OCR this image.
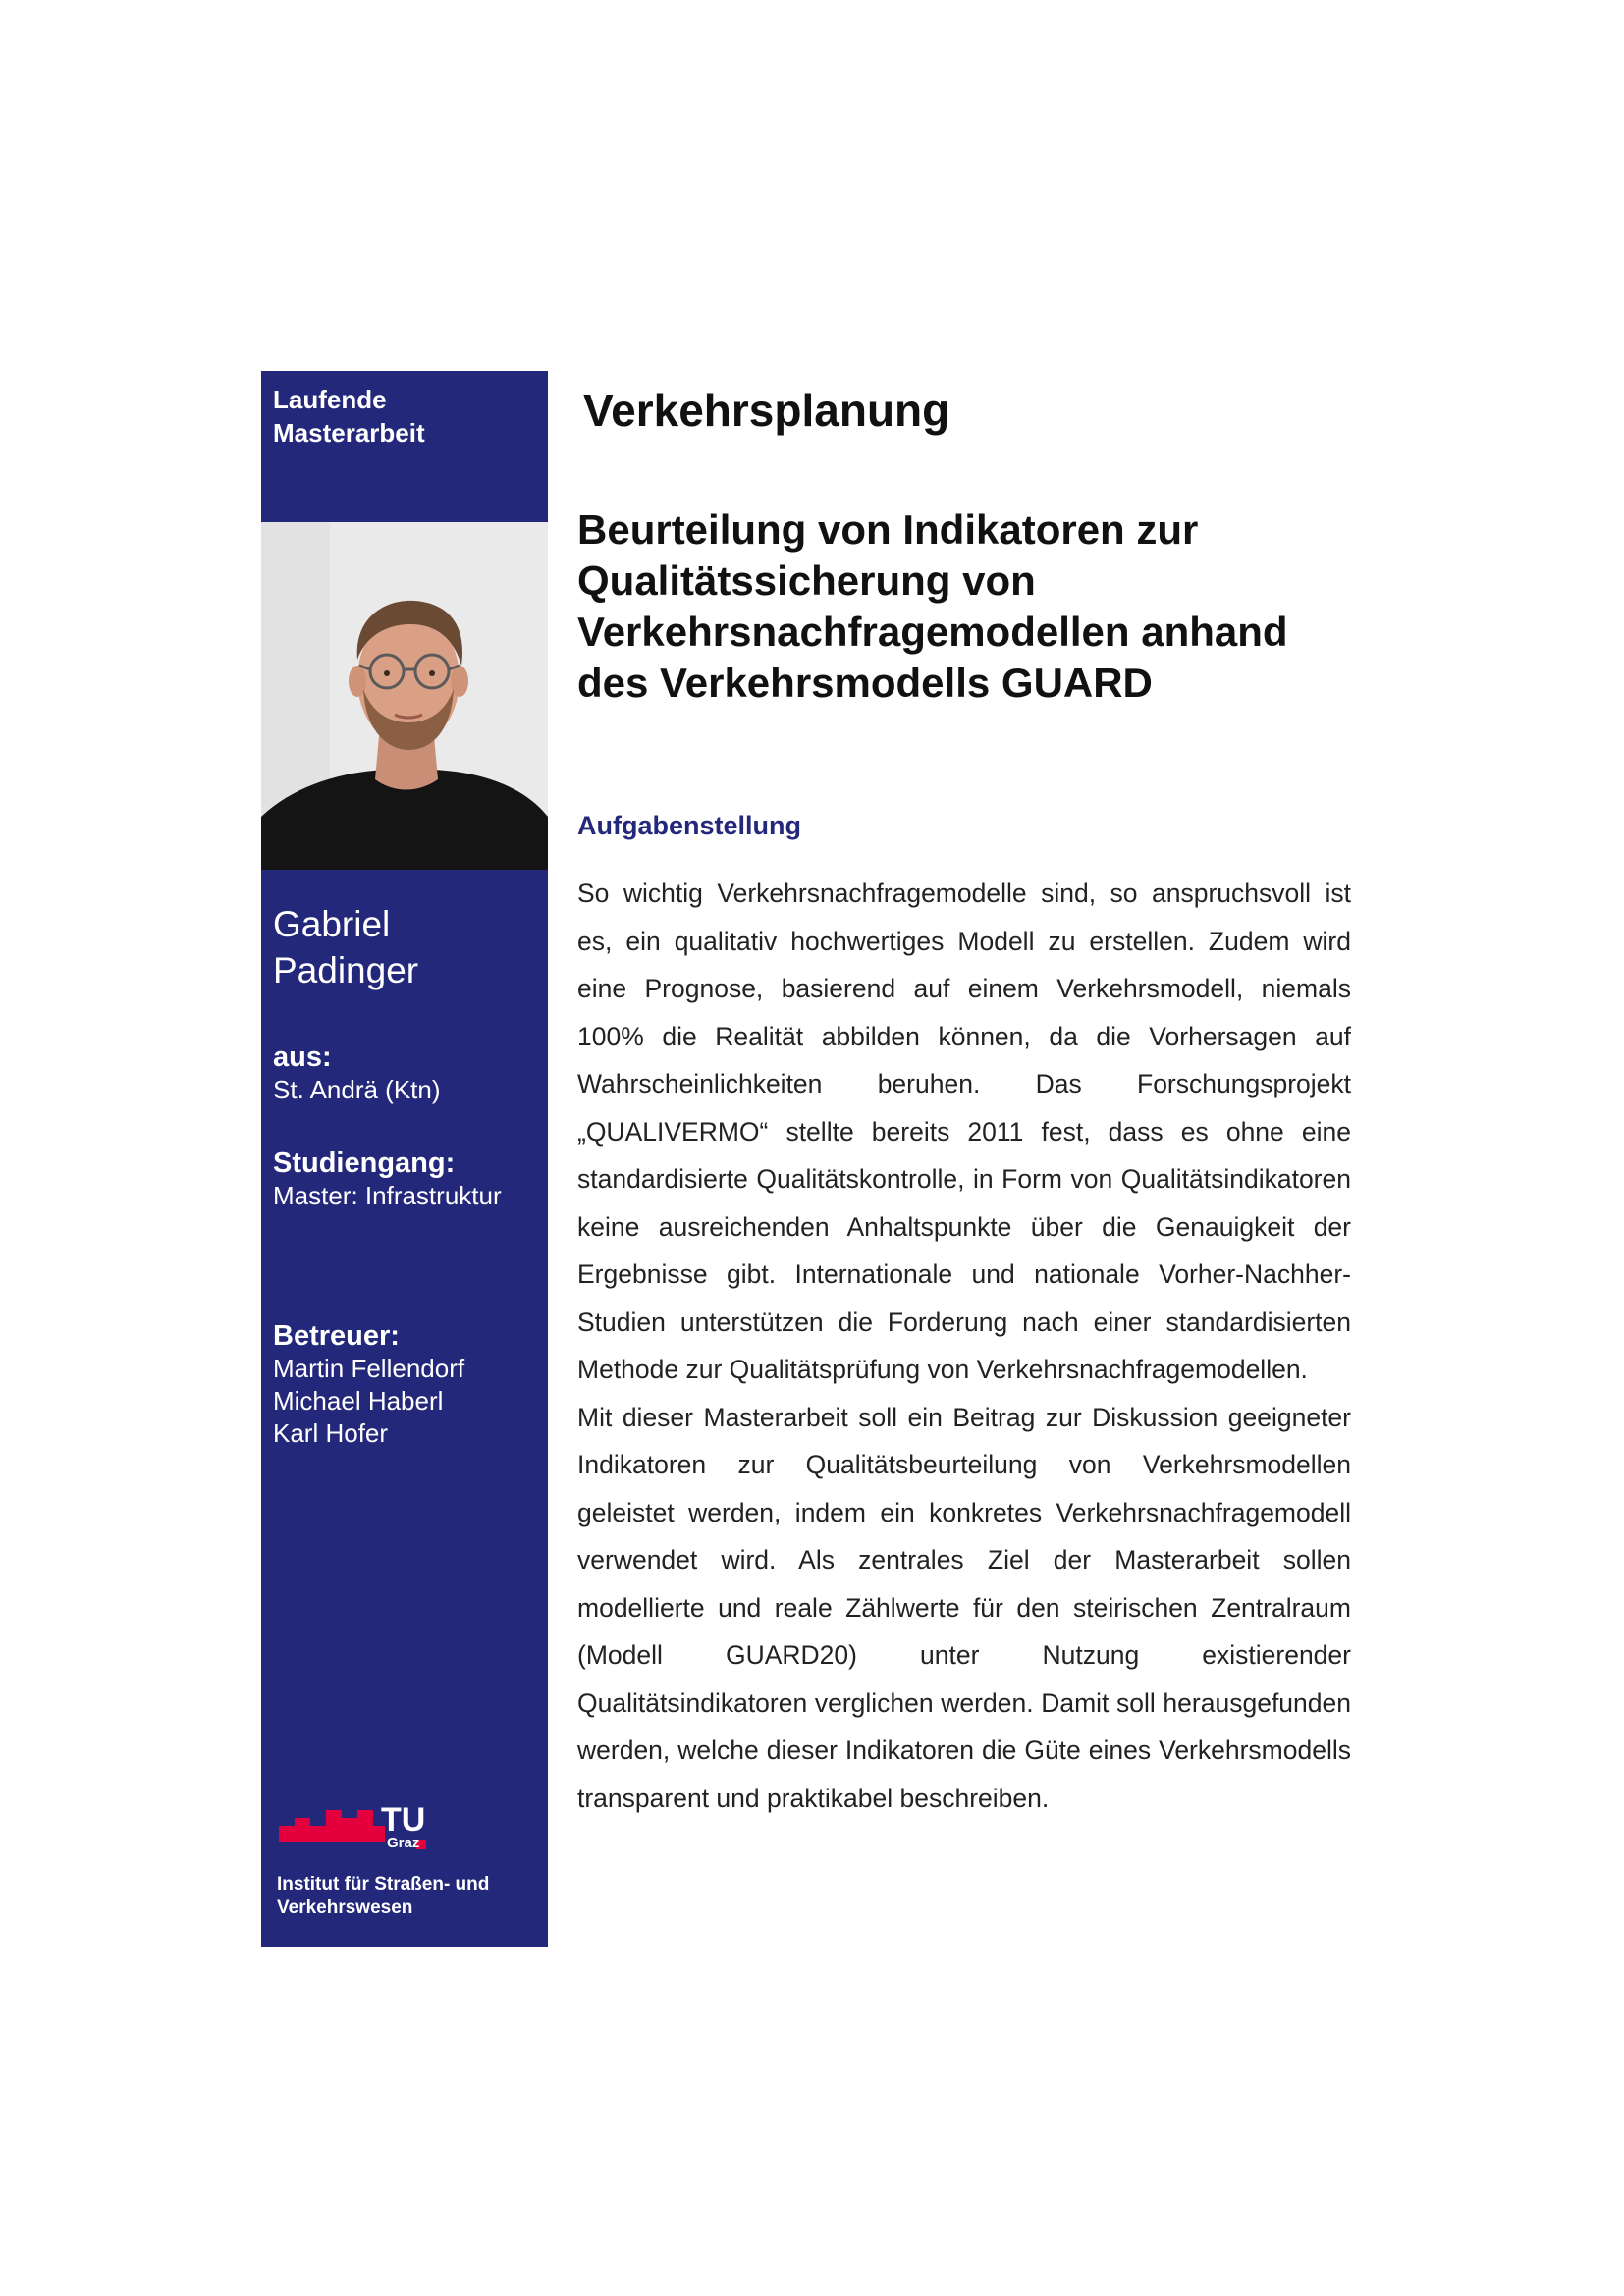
Laufende
Masterarbeit
Gabriel
Padinger
aus:
St. Andrä (Ktn)
Studiengang:
Master: Infrastruktur
Betreuer:
Martin Fellendorf
Michael Haberl
Karl Hofer
TU
Graz
Institut für Straßen- und
Verkehrswesen
Verkehrsplanung
Beurteilung von Indikatoren zur Qualitätssicherung von Verkehrsnachfragemodellen anhand des Verkehrsmodells GUARD
Aufgabenstellung

So wichtig Verkehrsnachfragemodelle sind, so anspruchsvoll ist es, ein qualitativ hochwertiges Modell zu erstellen. Zudem wird eine Prognose, basierend auf einem Verkehrsmodell, niemals 100% die Realität abbilden können, da die Vorhersagen auf Wahrscheinlichkeiten beruhen. Das Forschungsprojekt „QUALIVERMO“ stellte bereits 2011 fest, dass es ohne eine standardisierte Qualitätskontrolle, in Form von Qualitätsindikatoren keine ausreichenden Anhaltspunkte über die Genauigkeit der Ergebnisse gibt. Internationale und nationale Vorher-Nachher-Studien unterstützen die Forderung nach einer standardisierten Methode zur Qualitätsprüfung von Verkehrsnachfragemodellen.

Mit dieser Masterarbeit soll ein Beitrag zur Diskussion geeigneter Indikatoren zur Qualitätsbeurteilung von Verkehrsmodellen geleistet werden, indem ein konkretes Verkehrsnachfragemodell verwendet wird. Als zentrales Ziel der Masterarbeit sollen modellierte und reale Zählwerte für den steirischen Zentralraum (Modell GUARD20) unter Nutzung existierender Qualitätsindikatoren verglichen werden. Damit soll herausgefunden werden, welche dieser Indikatoren die Güte eines Verkehrsmodells transparent und praktikabel beschreiben.
